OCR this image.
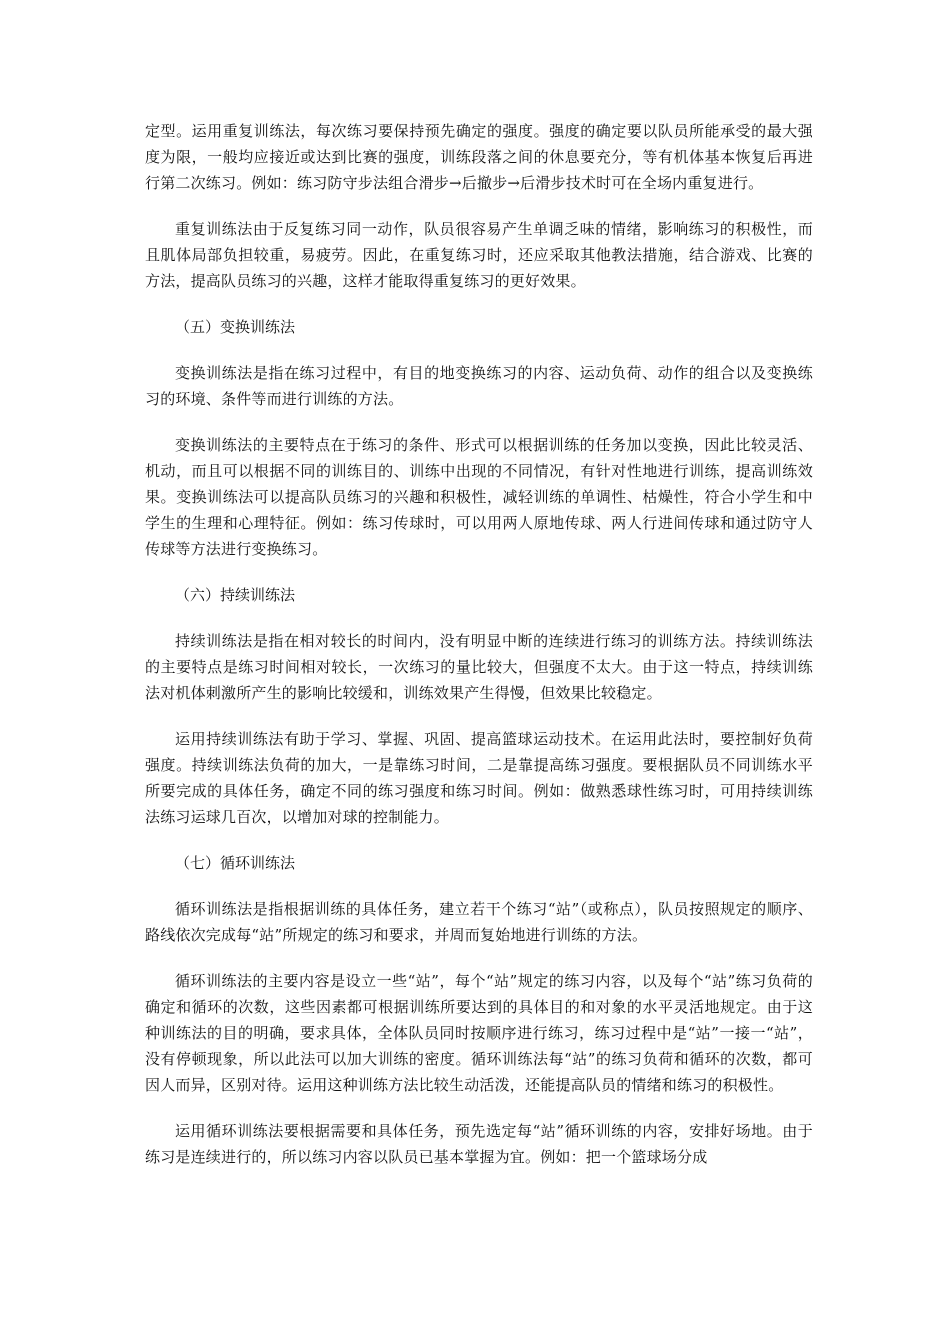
定型。运用重复训练法，每次练习要保持预先确定的强度。强度的确定要以队员所能承受的最大强度为限，一般均应接近或达到比赛的强度，训练段落之间的休息要充分，等有机体基本恢复后再进行第二次练习。例如：练习防守步法组合滑步→后撤步→后滑步技术时可在全场内重复进行。

重复训练法由于反复练习同一动作，队员很容易产生单调乏味的情绪，影响练习的积极性，而且肌体局部负担较重，易疲劳。因此，在重复练习时，还应采取其他教法措施，结合游戏、比赛的方法，提高队员练习的兴趣，这样才能取得重复练习的更好效果。

（五）变换训练法

变换训练法是指在练习过程中，有目的地变换练习的内容、运动负荷、动作的组合以及变换练习的环境、条件等而进行训练的方法。

变换训练法的主要特点在于练习的条件、形式可以根据训练的任务加以变换，因此比较灵活、机动，而且可以根据不同的训练目的、训练中出现的不同情况，有针对性地进行训练，提高训练效果。变换训练法可以提高队员练习的兴趣和积极性，减轻训练的单调性、枯燥性，符合小学生和中学生的生理和心理特征。例如：练习传球时，可以用两人原地传球、两人行进间传球和通过防守人传球等方法进行变换练习。

（六）持续训练法

持续训练法是指在相对较长的时间内，没有明显中断的连续进行练习的训练方法。持续训练法的主要特点是练习时间相对较长，一次练习的量比较大，但强度不太大。由于这一特点，持续训练法对机体刺激所产生的影响比较缓和，训练效果产生得慢，但效果比较稳定。

运用持续训练法有助于学习、掌握、巩固、提高篮球运动技术。在运用此法时，要控制好负荷强度。持续训练法负荷的加大，一是靠练习时间，二是靠提高练习强度。要根据队员不同训练水平所要完成的具体任务，确定不同的练习强度和练习时间。例如：做熟悉球性练习时，可用持续训练法练习运球几百次，以增加对球的控制能力。

（七）循环训练法

循环训练法是指根据训练的具体任务，建立若干个练习“站”（或称点），队员按照规定的顺序、路线依次完成每“站”所规定的练习和要求，并周而复始地进行训练的方法。

循环训练法的主要内容是设立一些“站”，每个“站”规定的练习内容，以及每个“站”练习负荷的确定和循环的次数，这些因素都可根据训练所要达到的具体目的和对象的水平灵活地规定。由于这种训练法的目的明确，要求具体，全体队员同时按顺序进行练习，练习过程中是“站”一接一“站”，没有停顿现象，所以此法可以加大训练的密度。循环训练法每“站”的练习负荷和循环的次数，都可因人而异，区别对待。运用这种训练方法比较生动活泼，还能提高队员的情绪和练习的积极性。

运用循环训练法要根据需要和具体任务，预先选定每“站”循环训练的内容，安排好场地。由于练习是连续进行的，所以练习内容以队员已基本掌握为宜。例如：把一个篮球场分成
